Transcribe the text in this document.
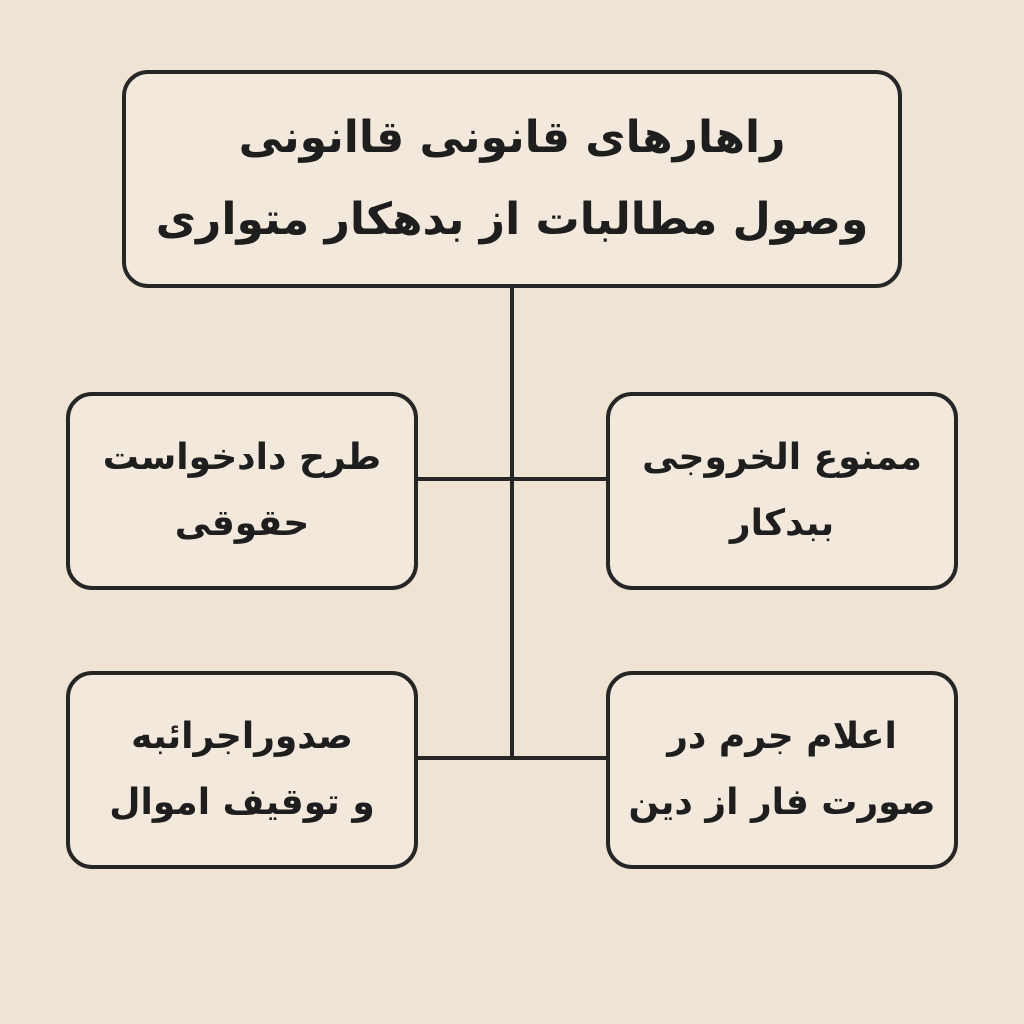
راهارهای قانونی قاانونی
وصول مطالبات از بدهکار متواری
طرح دادخواست
حقوقی
ممنوع الخروجی
ببدکار
صدوراجرائبه
و توقیف اموال
اعلام جرم در
صورت فار از دین
